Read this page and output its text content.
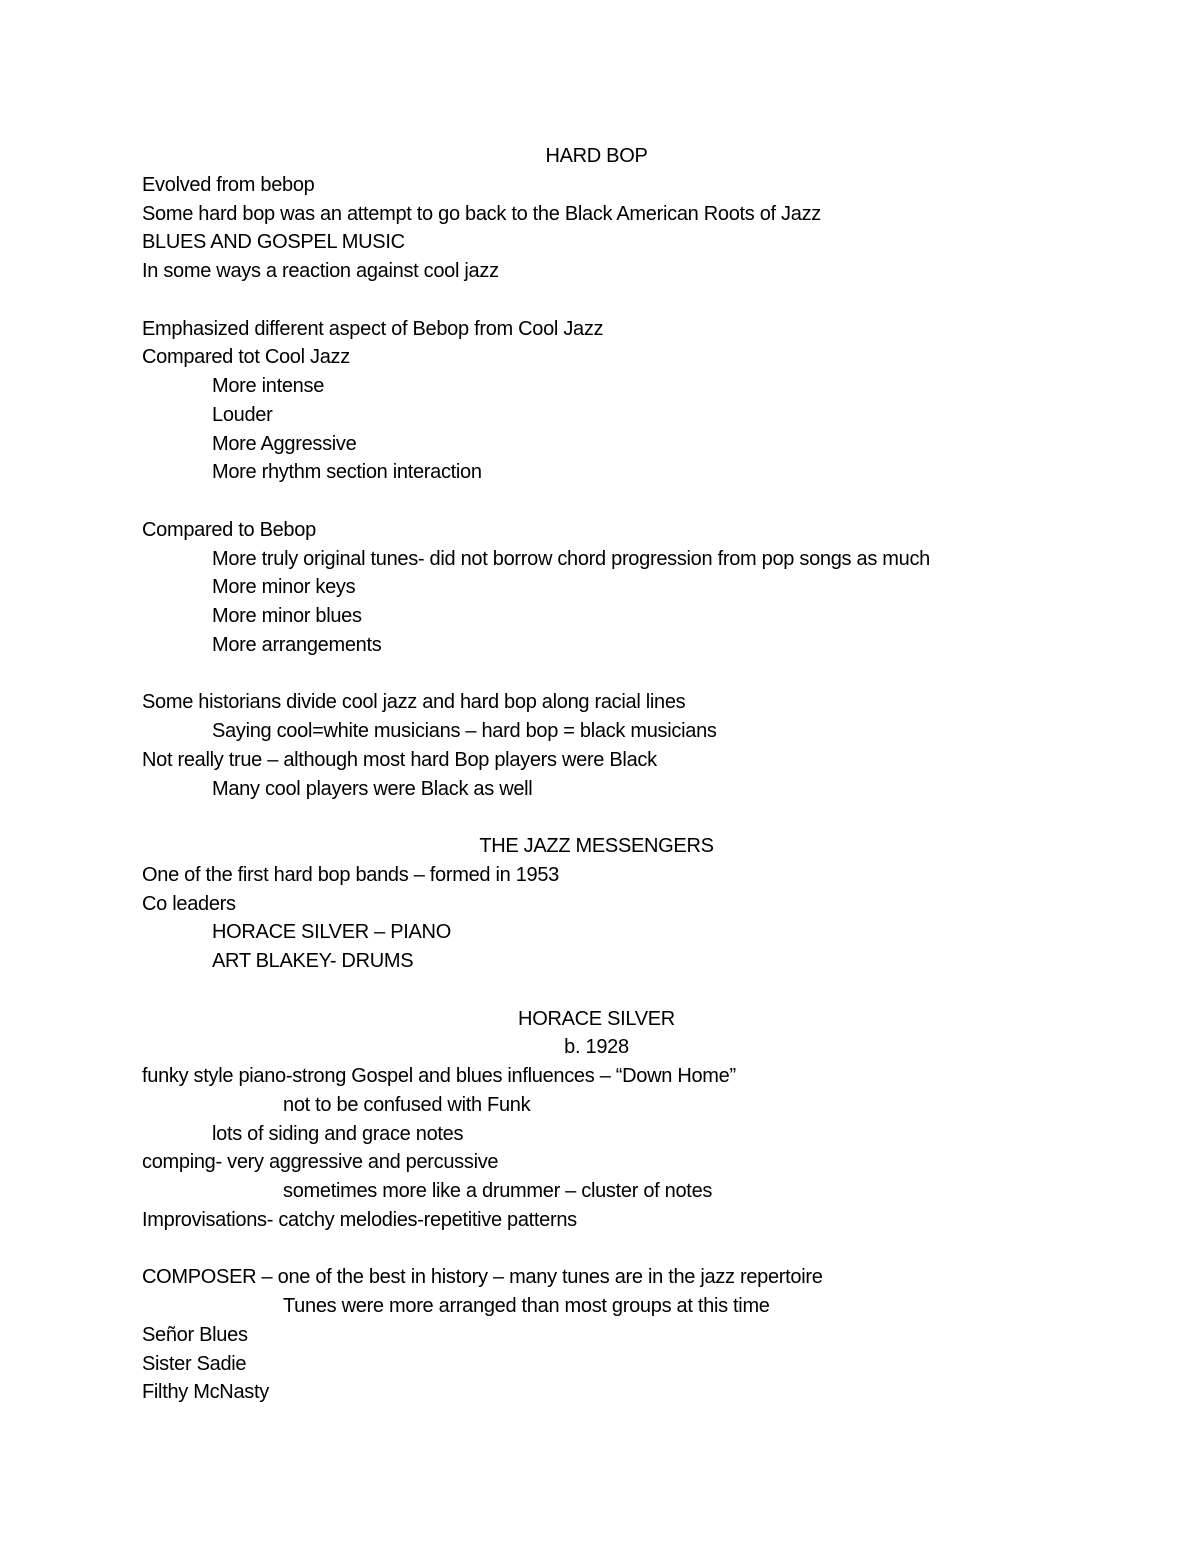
HARD BOP
Evolved from bebop
Some hard bop was an attempt to go back to the Black American Roots of Jazz
BLUES AND GOSPEL MUSIC
In some ways a reaction against cool jazz
Emphasized different aspect of Bebop from Cool Jazz
Compared tot Cool Jazz
More intense
Louder
More Aggressive
More rhythm section interaction
Compared to Bebop
More truly original tunes- did not borrow chord progression from pop songs as much
More minor keys
More minor blues
More arrangements
Some historians divide cool jazz and hard bop along racial lines
Saying cool=white musicians – hard bop = black musicians
Not really true – although most hard Bop players were Black
Many cool players were Black as well
THE JAZZ MESSENGERS
One of the first hard bop bands – formed in 1953
Co leaders
HORACE SILVER – PIANO
ART BLAKEY- DRUMS
HORACE SILVER
b. 1928
funky style piano-strong Gospel and blues influences – “Down Home”
not to be confused with Funk
lots of siding and grace notes
comping- very aggressive and percussive
sometimes more like a drummer – cluster of notes
Improvisations- catchy melodies-repetitive patterns
COMPOSER – one of the best in history – many tunes are in the jazz repertoire
Tunes were more arranged than most groups at this time
Señor Blues
Sister Sadie
Filthy McNasty
